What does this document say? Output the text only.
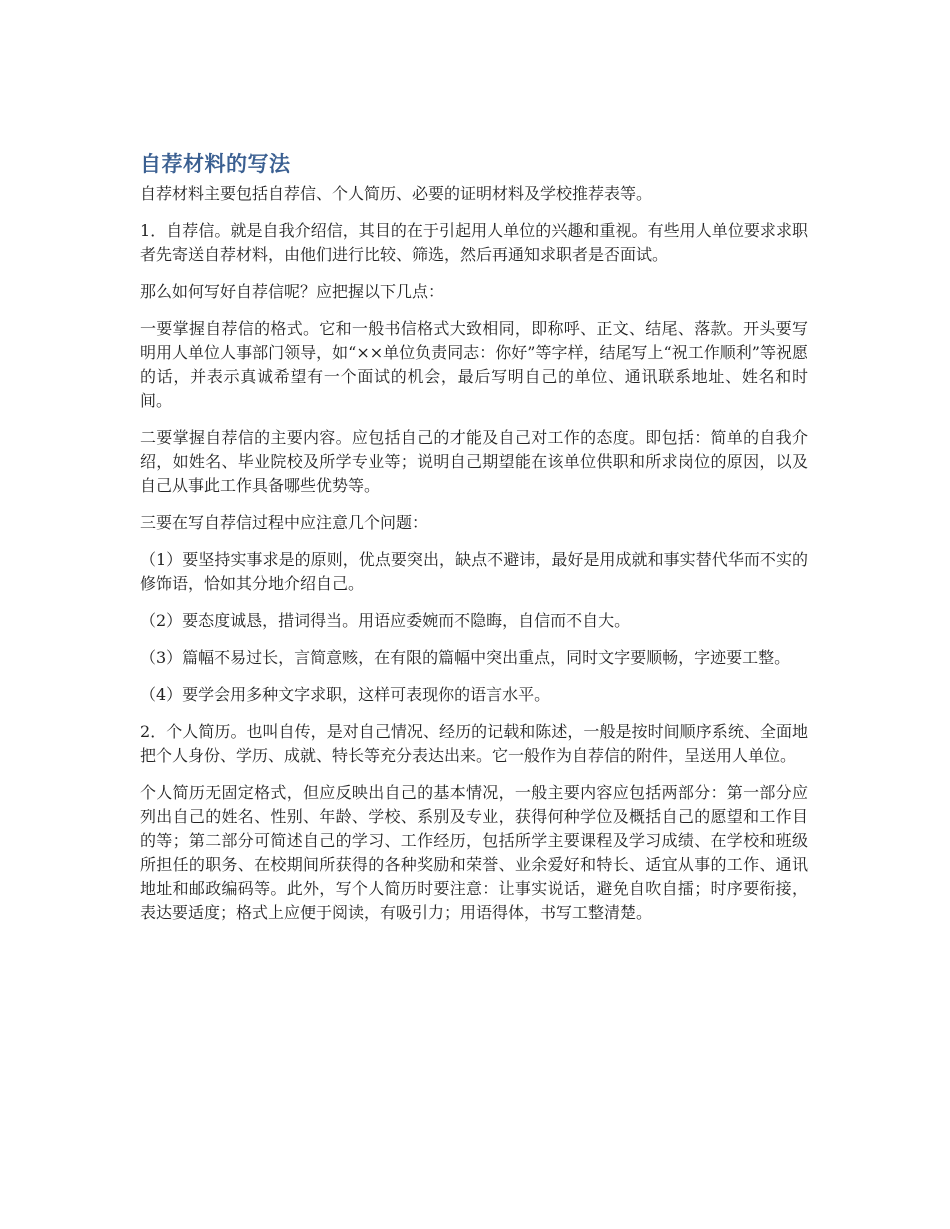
自荐材料的写法

自荐材料主要包括自荐信、个人简历、必要的证明材料及学校推荐表等。

1．自荐信。就是自我介绍信，其目的在于引起用人单位的兴趣和重视。有些用人单位要求求职者先寄送自荐材料，由他们进行比较、筛选，然后再通知求职者是否面试。

那么如何写好自荐信呢？应把握以下几点：

一要掌握自荐信的格式。它和一般书信格式大致相同，即称呼、正文、结尾、落款。开头要写明用人单位人事部门领导，如“××单位负责同志：你好”等字样，结尾写上“祝工作顺利”等祝愿的话，并表示真诚希望有一个面试的机会，最后写明自己的单位、通讯联系地址、姓名和时间。

二要掌握自荐信的主要内容。应包括自己的才能及自己对工作的态度。即包括：简单的自我介绍，如姓名、毕业院校及所学专业等；说明自己期望能在该单位供职和所求岗位的原因，以及自己从事此工作具备哪些优势等。

三要在写自荐信过程中应注意几个问题：

（1）要坚持实事求是的原则，优点要突出，缺点不避讳，最好是用成就和事实替代华而不实的修饰语，恰如其分地介绍自己。

（2）要态度诚恳，措词得当。用语应委婉而不隐晦，自信而不自大。

（3）篇幅不易过长，言简意赅，在有限的篇幅中突出重点，同时文字要顺畅，字迹要工整。

（4）要学会用多种文字求职，这样可表现你的语言水平。

2．个人简历。也叫自传，是对自己情况、经历的记载和陈述，一般是按时间顺序系统、全面地把个人身份、学历、成就、特长等充分表达出来。它一般作为自荐信的附件，呈送用人单位。

个人简历无固定格式，但应反映出自己的基本情况，一般主要内容应包括两部分：第一部分应列出自己的姓名、性别、年龄、学校、系别及专业，获得何种学位及概括自己的愿望和工作目的等；第二部分可简述自己的学习、工作经历，包括所学主要课程及学习成绩、在学校和班级所担任的职务、在校期间所获得的各种奖励和荣誉、业余爱好和特长、适宜从事的工作、通讯地址和邮政编码等。此外，写个人简历时要注意：让事实说话，避免自吹自擂；时序要衔接，表达要适度；格式上应便于阅读，有吸引力；用语得体，书写工整清楚。
